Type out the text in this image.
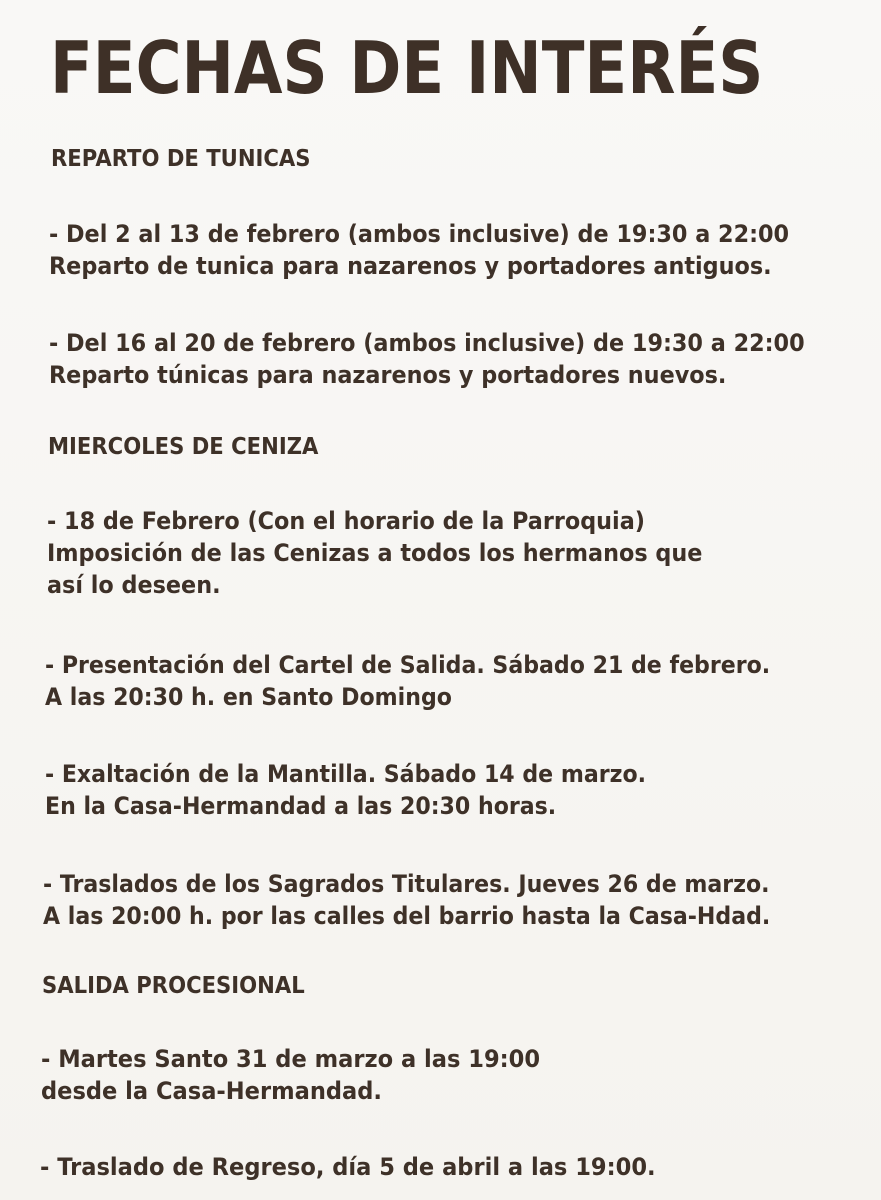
FECHAS DE INTERÉS
REPARTO DE TUNICAS
- Del 2 al 13 de febrero (ambos inclusive) de 19:30 a 22:00
Reparto de tunica para nazarenos y portadores antiguos.
- Del 16 al 20 de febrero (ambos inclusive) de 19:30 a 22:00
Reparto túnicas para nazarenos y portadores nuevos.
MIERCOLES DE CENIZA
- 18 de Febrero (Con el horario de la Parroquia)
Imposición de las Cenizas a todos los hermanos que
así lo deseen.
- Presentación del Cartel de Salida. Sábado 21 de febrero.
A las 20:30 h. en Santo Domingo
- Exaltación de la Mantilla. Sábado 14 de marzo.
En la Casa-Hermandad a las 20:30 horas.
- Traslados de los Sagrados Titulares. Jueves 26 de marzo.
A las 20:00 h. por las calles del barrio hasta la Casa-Hdad.
SALIDA PROCESIONAL
- Martes Santo 31 de marzo a las 19:00
desde la Casa-Hermandad.
- Traslado de Regreso, día 5 de abril a las 19:00.
